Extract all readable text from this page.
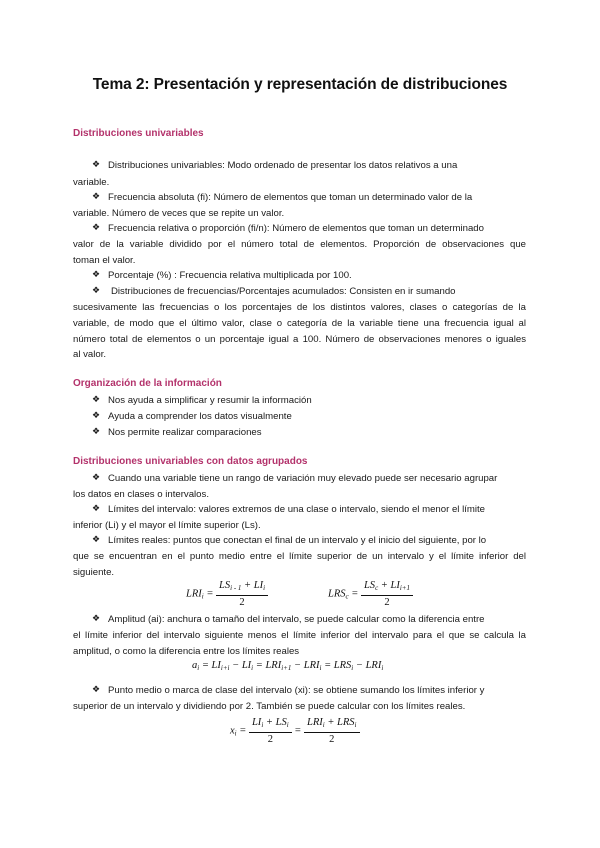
Tema 2: Presentación y representación de distribuciones
Distribuciones univariables
❖ Distribuciones univariables: Modo ordenado de presentar los datos relativos a una
variable.
❖ Frecuencia absoluta (fi): Número de elementos que toman un determinado valor de la
variable. Número de veces que se repite un valor.
❖ Frecuencia relativa o proporción (fi/n): Número de elementos que toman un determinado
valor de la variable dividido por el número total de elementos. Proporción de observaciones que
toman el valor.
❖ Porcentaje (%) : Frecuencia relativa multiplicada por 100.
❖ Distribuciones de frecuencias/Porcentajes acumulados: Consisten en ir sumando
sucesivamente las frecuencias o los porcentajes de los distintos valores, clases o categorías de la
variable, de modo que el último valor, clase o categoría de la variable tiene una frecuencia igual al
número total de elementos o un porcentaje igual a 100. Número de observaciones menores o iguales
al valor.
Organización de la información
❖ Nos ayuda a simplificar y resumir la información
❖ Ayuda a comprender los datos visualmente
❖ Nos permite realizar comparaciones
Distribuciones univariables con datos agrupados
❖ Cuando una variable tiene un rango de variación muy elevado puede ser necesario agrupar
los datos en clases o intervalos.
❖ Límites del intervalo: valores extremos de una clase o intervalo, siendo el menor el límite
inferior (Li) y el mayor el límite superior (Ls).
❖ Límites reales: puntos que conectan el final de un intervalo y el inicio del siguiente, por lo
que se encuentran en el punto medio entre el límite superior de un intervalo y el límite inferior del
siguiente.
$LRI_i = \frac{LS_{i - 1} + LI_i}{2}$	$LRS_c = \frac{LS_c + LI_{i+1}}{2}$
❖ Amplitud (ai): anchura o tamaño del intervalo, se puede calcular como la diferencia entre
el límite inferior del intervalo siguiente menos el límite inferior del intervalo para el que se calcula la
amplitud, o como la diferencia entre los límites reales
$a_i = LI_{i+i} - LI_i = LRI_{i+1} - LRI_i = LRS_i - LRI_i$
❖ Punto medio o marca de clase del intervalo (xi): se obtiene sumando los límites inferior y
superior de un intervalo y dividiendo por 2. También se puede calcular con los límites reales.
$x_i = \frac{LI_i + LS_i}{2} = \frac{LRI_i + LRS_i}{2}$
